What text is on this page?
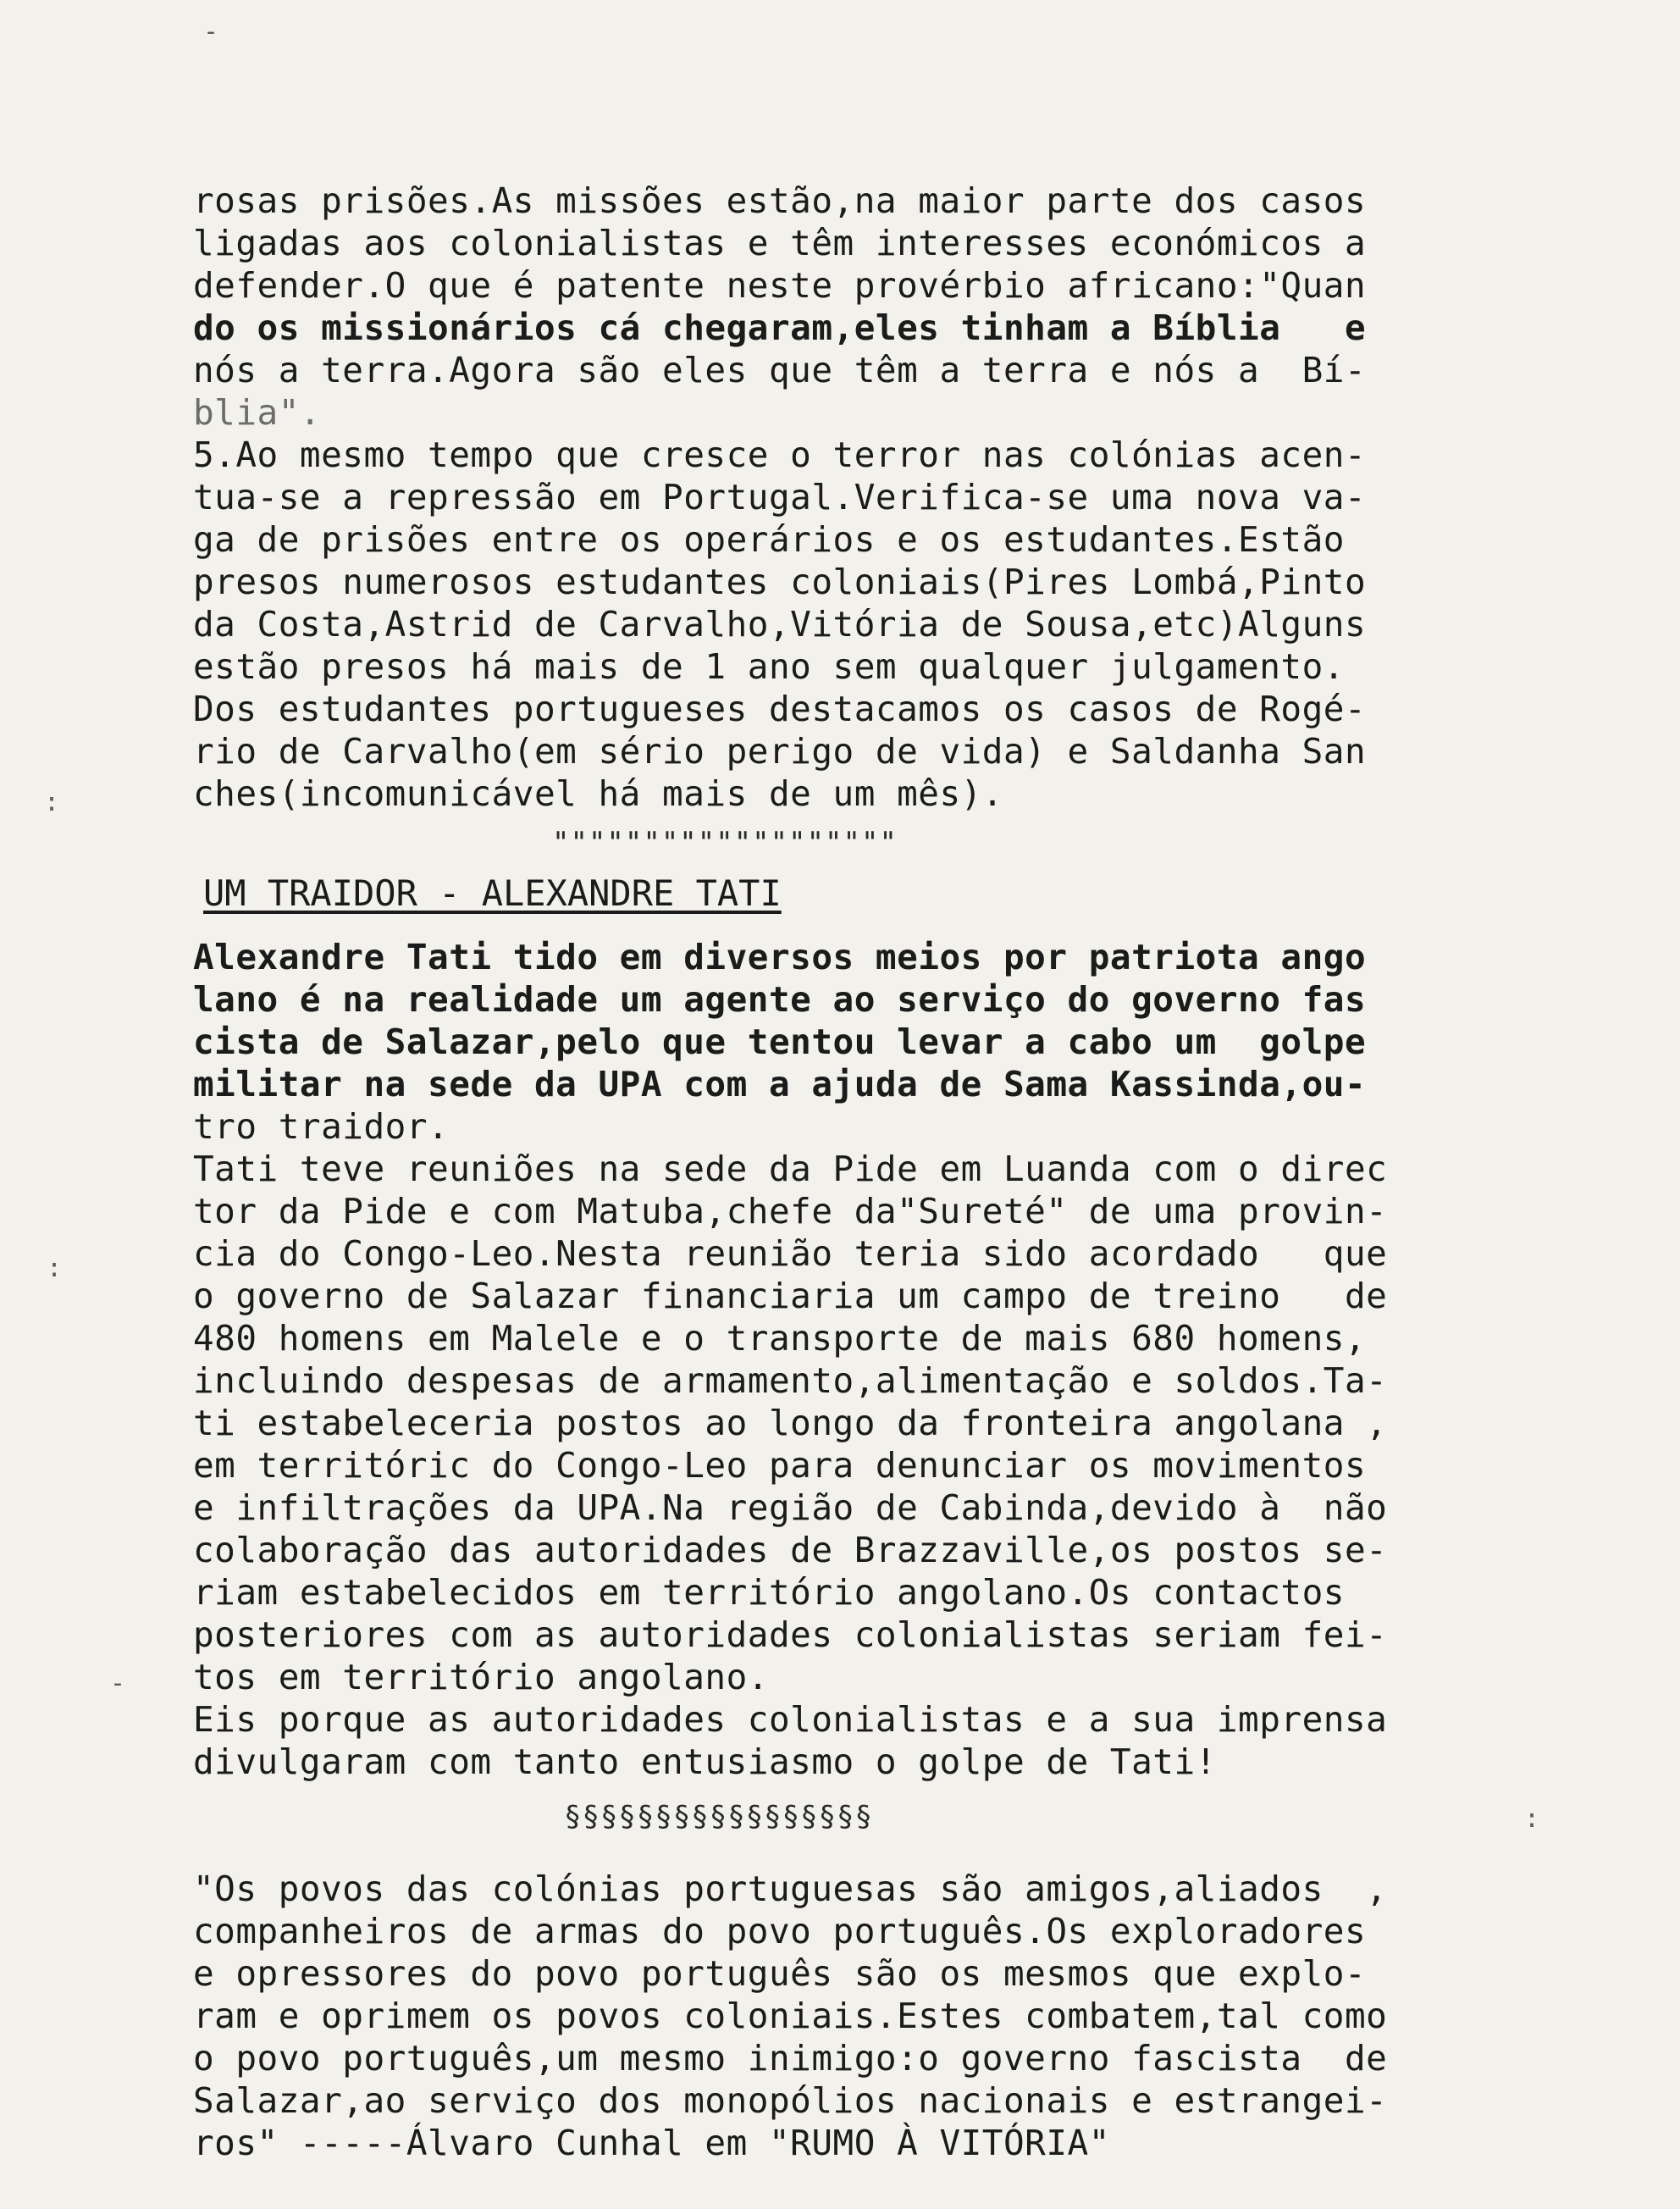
rosas prisões.As missões estão,na maior parte dos casos
ligadas aos colonialistas e têm interesses económicos a
defender.O que é patente neste provérbio africano:"Quan
do os missionários cá chegaram,eles tinham a Bíblia   e
nós a terra.Agora são eles que têm a terra e nós a  Bí-
blia".
5.Ao mesmo tempo que cresce o terror nas colónias acen-
tua-se a repressão em Portugal.Verifica-se uma nova va-
ga de prisões entre os operários e os estudantes.Estão
presos numerosos estudantes coloniais(Pires Lombá,Pinto
da Costa,Astrid de Carvalho,Vitória de Sousa,etc)Alguns
estão presos há mais de 1 ano sem qualquer julgamento.
Dos estudantes portugueses destacamos os casos de Rogé-
rio de Carvalho(em sério perigo de vida) e Saldanha San
ches(incomunicável há mais de um mês).
"""""""""""""""""""
UM TRAIDOR - ALEXANDRE TATI
Alexandre Tati tido em diversos meios por patriota ango
lano é na realidade um agente ao serviço do governo fas
cista de Salazar,pelo que tentou levar a cabo um  golpe
militar na sede da UPA com a ajuda de Sama Kassinda,ou-
tro traidor.
Tati teve reuniões na sede da Pide em Luanda com o direc
tor da Pide e com Matuba,chefe da"Sureté" de uma provin-
cia do Congo-Leo.Nesta reunião teria sido acordado   que
o governo de Salazar financiaria um campo de treino   de
480 homens em Malele e o transporte de mais 680 homens,
incluindo despesas de armamento,alimentação e soldos.Ta-
ti estabeleceria postos ao longo da fronteira angolana ,
em territóric do Congo-Leo para denunciar os movimentos
e infiltrações da UPA.Na região de Cabinda,devido à  não
colaboração das autoridades de Brazzaville,os postos se-
riam estabelecidos em território angolano.Os contactos
posteriores com as autoridades colonialistas seriam fei-
tos em território angolano.
Eis porque as autoridades colonialistas e a sua imprensa
divulgaram com tanto entusiasmo o golpe de Tati!
§§§§§§§§§§§§§§§§§
"Os povos das colónias portuguesas são amigos,aliados  ,
companheiros de armas do povo português.Os exploradores
e opressores do povo português são os mesmos que explo-
ram e oprimem os povos coloniais.Estes combatem,tal como
o povo português,um mesmo inimigo:o governo fascista  de
Salazar,ao serviço dos monopólios nacionais e estrangei-
ros" -----Álvaro Cunhal em "RUMO À VITÓRIA"
-
:
:
-
:
